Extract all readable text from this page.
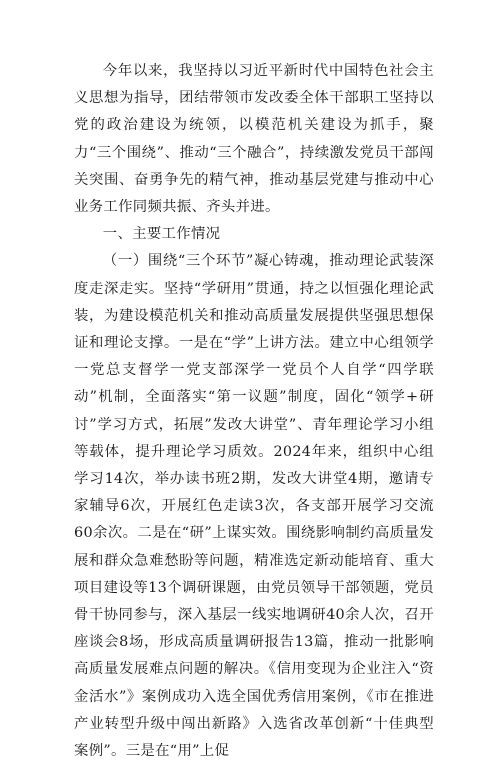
今年以来，我坚持以习近平新时代中国特色社会主义思想为指导，团结带领市发改委全体干部职工坚持以党的政治建设为统领，以模范机关建设为抓手，聚力“三个围绕”、推动“三个融合”，持续激发党员干部闯关突围、奋勇争先的精气神，推动基层党建与推动中心业务工作同频共振、齐头并进。

一、主要工作情况

（一）围绕“三个环节”凝心铸魂，推动理论武装深度走深走实。坚持“学研用”贯通，持之以恒强化理论武装，为建设模范机关和推动高质量发展提供坚强思想保证和理论支撑。一是在“学”上讲方法。建立中心组领学一党总支督学一党支部深学一党员个人自学“四学联动”机制，全面落实“第一议题”制度，固化“领学+研讨”学习方式，拓展”发改大讲堂”、青年理论学习小组等载体，提升理论学习质效。2024年来，组织中心组学习14次，举办读书班2期，发改大讲堂4期，邀请专家辅导6次，开展红色走读3次，各支部开展学习交流60余次。二是在“研”上谋实效。围绕影响制约高质量发展和群众急难愁盼等问题，精准选定新动能培育、重大项目建设等13个调研课题，由党员领导干部领题，党员骨干协同参与，深入基层一线实地调研40余人次，召开座谈会8场，形成高质量调研报告13篇，推动一批影响高质量发展难点问题的解决。《信用变现为企业注入“资金活水”》案例成功入选全国优秀信用案例，《市在推进产业转型升级中闯出新路》入选省改革创新“十佳典型案例”。三是在“用”上促
